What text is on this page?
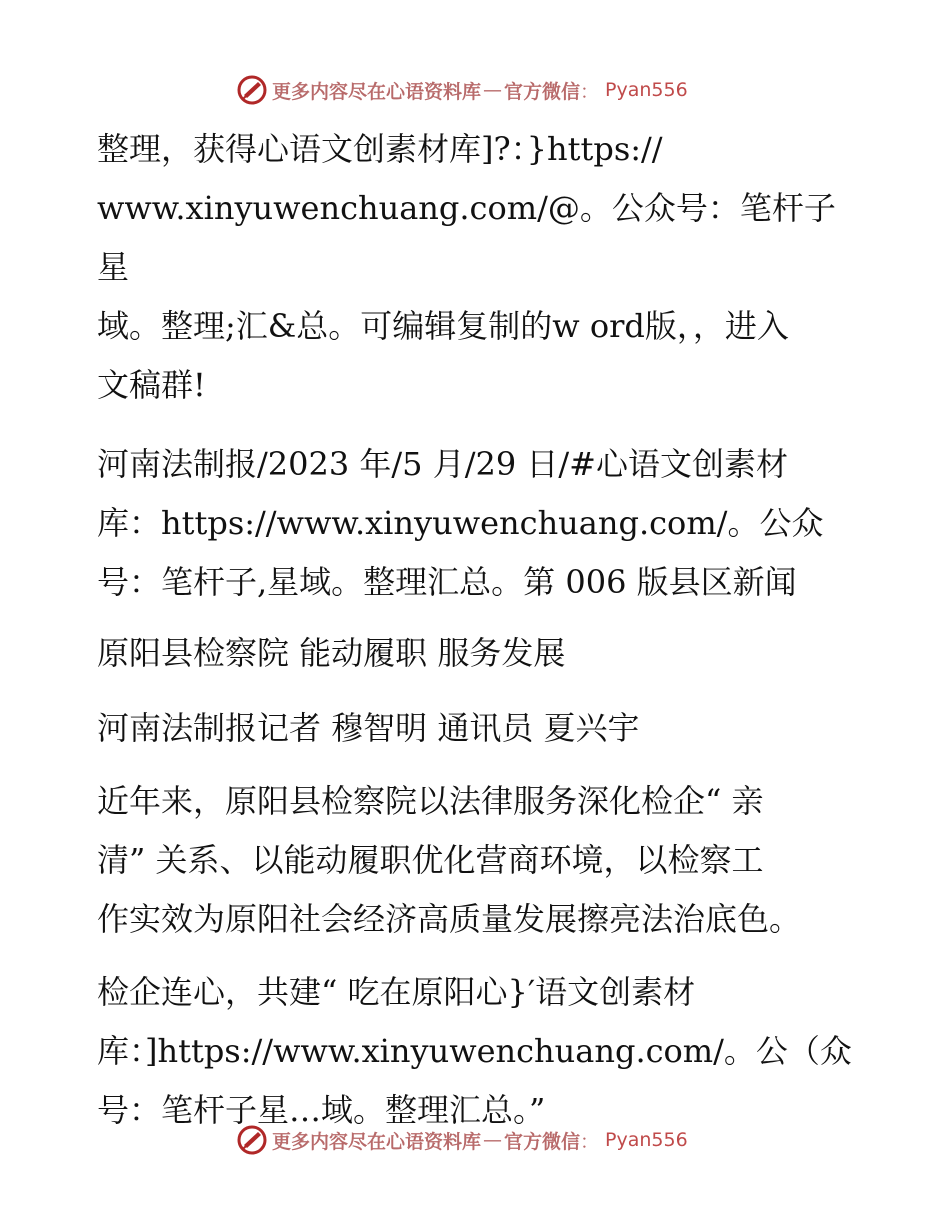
更多内容尽在心语资料库 — 官方微信 ： Pyan556
整理，获得心语文创素材库]?：}https://
www.xinyuwenchuang.com/@。公众号：笔杆子星
域。整理;汇&总。可编辑复制的w ord版，，进入
文稿群!
河南法制报/2023 年/5 月/29 日/#心语文创素材
库：https://www.xinyuwenchuang.com/。公众
号：笔杆子,星域。整理汇总。第 006 版县区新闻
原阳县检察院 能动履职 服务发展
河南法制报记者 穆智明 通讯员 夏兴宇
近年来，原阳县检察院以法律服务深化检企“ 亲
清” 关系、以能动履职优化营商环境，以检察工
作实效为原阳社会经济高质量发展擦亮法治底色。
检企连心，共建“ 吃在原阳心}′语文创素材
库：]https://www.xinyuwenchuang.com/。公（众
号：笔杆子星…域。整理汇总。”
更多内容尽在心语资料库 — 官方微信 ： Pyan556
